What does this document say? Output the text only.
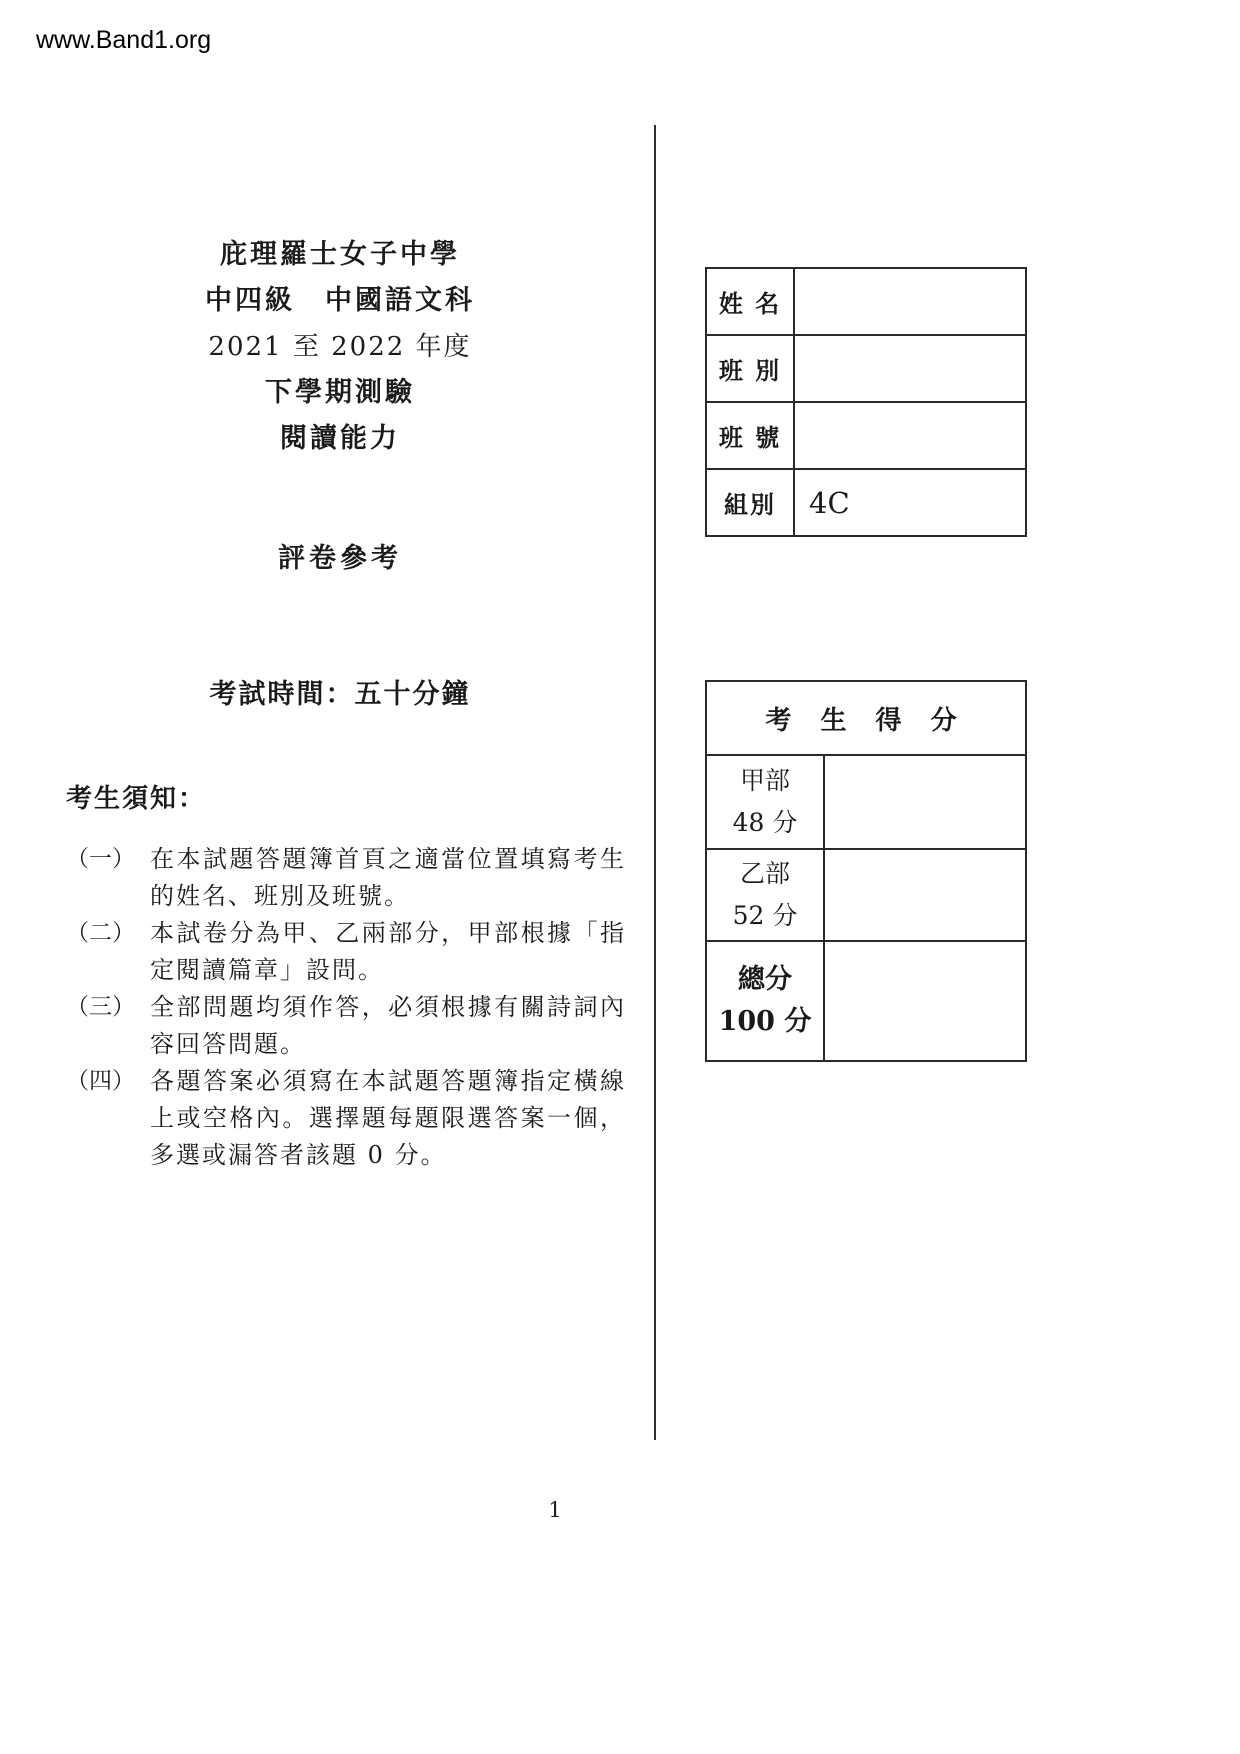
www.Band1.org
庇理羅士女子中學
中四級　中國語文科
2021 至 2022 年度
下學期測驗
閱讀能力
評卷參考
考試時間：五十分鐘
考生須知：
（一） 在本試題答題簿首頁之適當位置填寫考生的姓名、班別及班號。
（二） 本試卷分為甲、乙兩部分，甲部根據「指定閱讀篇章」設問。
（三） 全部問題均須作答，必須根據有關詩詞內容回答問題。
（四） 各題答案必須寫在本試題答題簿指定橫線上或空格內。選擇題每題限選答案一個，多選或漏答者該題 0 分。
姓 名	
班 別	
班 號	
組別	4C
考 生 得 分	

甲部
48 分	

乙部
52 分	

總分
100 分	

1
